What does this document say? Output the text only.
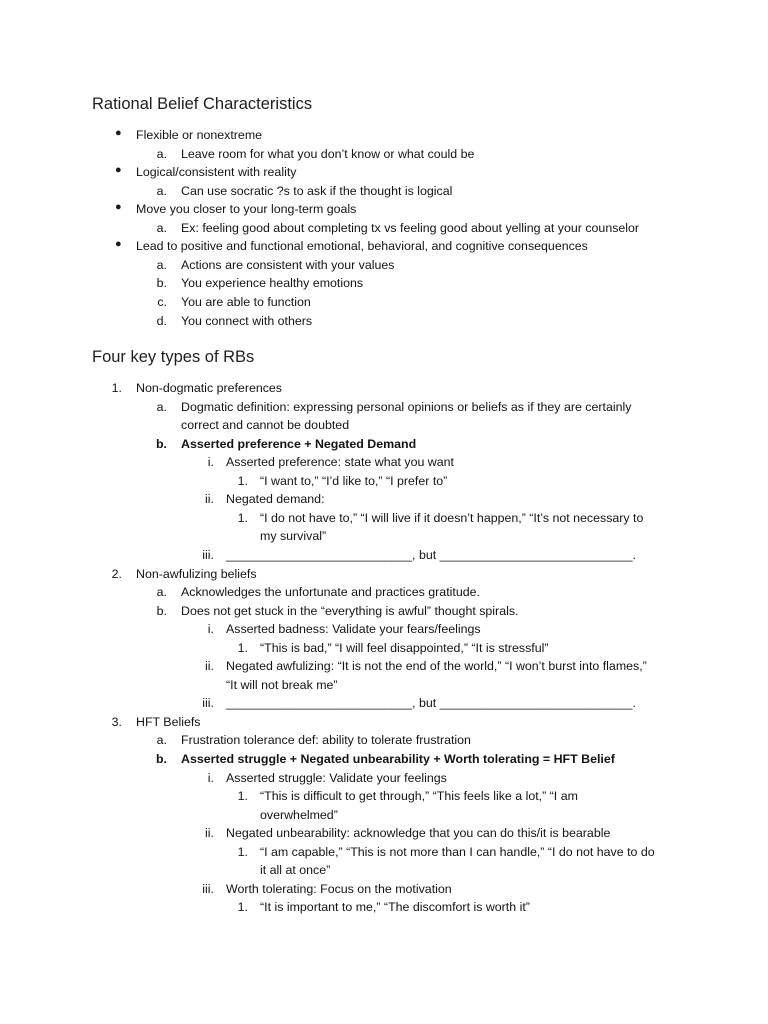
Rational Belief Characteristics
● Flexible or nonextreme
a. Leave room for what you don’t know or what could be
● Logical/consistent with reality
a. Can use socratic ?s to ask if the thought is logical
● Move you closer to your long-term goals
a. Ex: feeling good about completing tx vs feeling good about yelling at your counselor
● Lead to positive and functional emotional, behavioral, and cognitive consequences
a. Actions are consistent with your values
b. You experience healthy emotions
c. You are able to function
d. You connect with others
Four key types of RBs
1. Non-dogmatic preferences
a. Dogmatic definition: expressing personal opinions or beliefs as if they are certainly
correct and cannot be doubted
b. Asserted preference + Negated Demand
i. Asserted preference: state what you want
1. “I want to,” “I’d like to,” “I prefer to”
ii. Negated demand:
1. “I do not have to,” “I will live if it doesn’t happen,” “It’s not necessary to
my survival”
iii. ___________________________, but ____________________________.
2. Non-awfulizing beliefs
a. Acknowledges the unfortunate and practices gratitude.
b. Does not get stuck in the “everything is awful” thought spirals.
i. Asserted badness: Validate your fears/feelings
1. “This is bad,” “I will feel disappointed,” “It is stressful”
ii. Negated awfulizing: “It is not the end of the world,” “I won’t burst into flames,”
“It will not break me”
iii. ___________________________, but ____________________________.
3. HFT Beliefs
a. Frustration tolerance def: ability to tolerate frustration
b. Asserted struggle + Negated unbearability + Worth tolerating = HFT Belief
i. Asserted struggle: Validate your feelings
1. “This is difficult to get through,” “This feels like a lot,” “I am
overwhelmed”
ii. Negated unbearability: acknowledge that you can do this/it is bearable
1. “I am capable,” “This is not more than I can handle,” “I do not have to do
it all at once”
iii. Worth tolerating: Focus on the motivation
1. “It is important to me,” “The discomfort is worth it”
